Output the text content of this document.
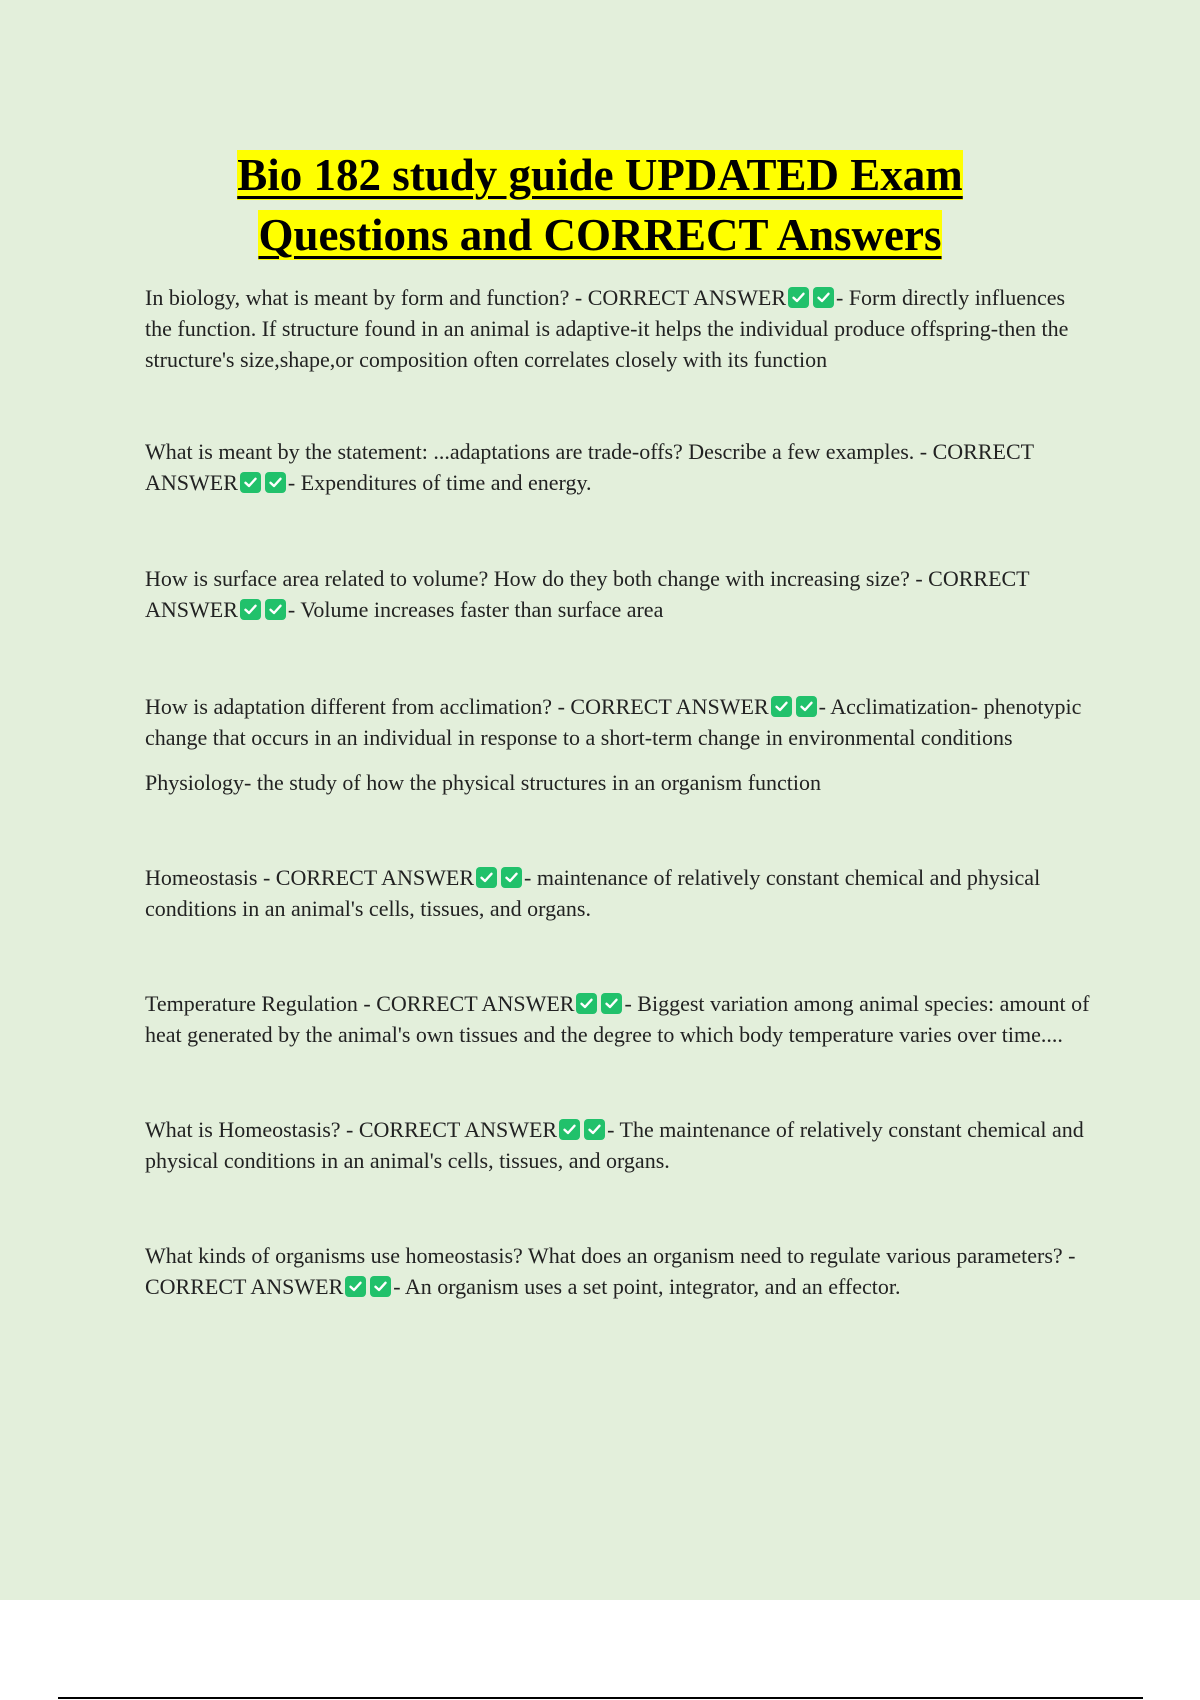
Bio 182 study guide UPDATED Exam
Questions and CORRECT Answers

In biology, what is meant by form and function? - CORRECT ANSWER - Form directly influences the function. If structure found in an animal is adaptive-it helps the individual produce offspring-then the structure's size,shape,or composition often correlates closely with its function

What is meant by the statement: ...adaptations are trade-offs? Describe a few examples. - CORRECT ANSWER - Expenditures of time and energy.

How is surface area related to volume? How do they both change with increasing size? - CORRECT ANSWER - Volume increases faster than surface area

How is adaptation different from acclimation? - CORRECT ANSWER - Acclimatization- phenotypic change that occurs in an individual in response to a short-term change in environmental conditions

Physiology- the study of how the physical structures in an organism function

Homeostasis - CORRECT ANSWER - maintenance of relatively constant chemical and physical conditions in an animal's cells, tissues, and organs.

Temperature Regulation - CORRECT ANSWER - Biggest variation among animal species: amount of heat generated by the animal's own tissues and the degree to which body temperature varies over time....

What is Homeostasis? - CORRECT ANSWER - The maintenance of relatively constant chemical and physical conditions in an animal's cells, tissues, and organs.

What kinds of organisms use homeostasis? What does an organism need to regulate various parameters? - CORRECT ANSWER - An organism uses a set point, integrator, and an effector.
